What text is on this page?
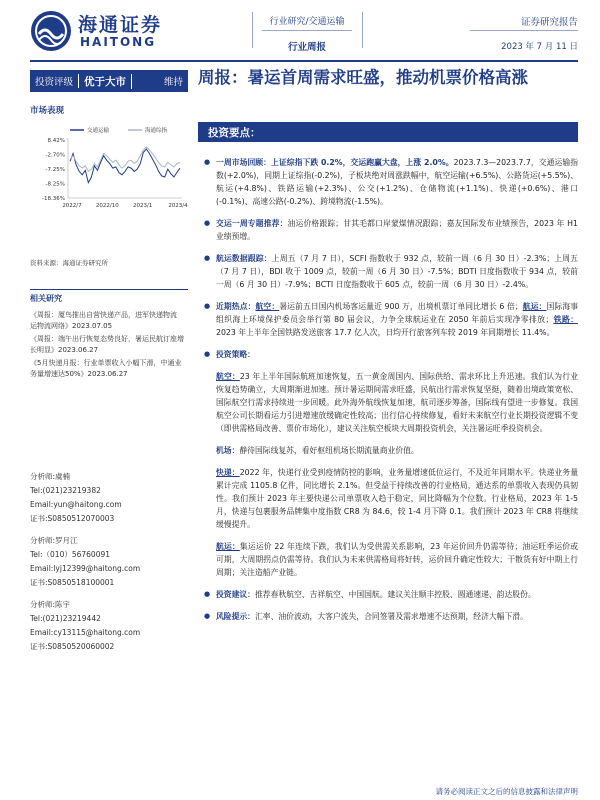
海通证券
HAITONG
行业研究/交通运输
行业周报
证券研究报告
2023 年 7 月 11 日
投资评级	优于大市	维持
市场表现
交通运输	海通综指
8.42%
-2.70%
-7.25%
-8.25%
-18.36%
2022/7	2022/10	2023/1	2023/4
资料来源：海通证券研究所
相关研究
《周报：厦鸟推出自营快递产品，进军快递物流
运物流网络》2023.07.05
《周报：端午出行恢复态势良好，暑运民航订座增长明显》2023.06.27
《5月快递月报：行业单票收入小幅下滑，中通业务量增速达50%》2023.06.27
分析师:虞楠
Tel:(021)23219382
Email:yun@haitong.com
证书:S0850512070003
分析师:罗月江
Tel:（010）56760091
Email:lyj12399@haitong.com
证书:S0850518100001
分析师:陈宇
Tel:(021)23219442
Email:cy13115@haitong.com
证书:S0850520060002
周报：暑运首周需求旺盛，推动机票价格高涨
投资要点：
● 一周市场回顾：上证综指下跌 0.2%，交运跑赢大盘，上涨 2.0%。2023.7.3—2023.7.7，交通运输指数(+2.0%)，同期上证综指(-0.2%)，子板块绝对周涨跌幅中，航空运输(+6.5%)、公路货运(+5.5%)、航运(+4.8%)、铁路运输(+2.3%)、公交(+1.2%)、仓储物流(+1.1%)、快递(+0.6%)、港口(-0.1%)、高速公路(-0.2%)、跨境物流(-1.5%)。
● 交运一周专题推荐：油运价格跟踪；甘其毛都口岸蒙煤情况跟踪；嘉友国际发布业绩预告，2023 年 H1 业绩预增。
● 航运数据跟踪：上周五（7 月 7 日），SCFI 指数收于 932 点，较前一周（6 月 30 日）-2.3%；上周五（7 月 7 日），BDI 收于 1009 点，较前一周（6 月 30 日）-7.5%；BDTI 日度指数收于 934 点，较前一周（6 月 30 日）-7.9%；BCTI 日度指数收于 605 点，较前一周（6 月 30 日）-2.4%。
● 近期热点：航空：暑运前五日国内机场客运量近 900 万，出境机票订单同比增长 6 倍；航运：国际海事组织海上环境保护委员会举行第 80 届会议，力争全球航运业在 2050 年前后实现净零排放；铁路：2023 年上半年全国铁路发送旅客 17.7 亿人次，日均开行旅客列车较 2019 年同期增长 11.4%。
● 投资策略：
航空：23 年上半年国际航班加速恢复，五一黄金周国内、国际供给、需求环比上升迅速。我们认为行业恢复趋势确立，大周期渐进加速。预计暑运期间需求旺盛，民航出行需求恢复坚挺，随着出境政策宽松、国际航空行需求持续进一步回暖。此外海外航线恢复加速，航司逐步筹备，国际线有望进一步修复。我国航空公司长期看运力引进增速放缓确定性较高；出行信心持续修复，看好未来航空行业长期投资逻辑不变（即供需格局改善、票价市场化），建议关注航空板块大周期投资机会，关注暑运旺季投资机会。
机场：静待国际线复苏，看好枢纽机场长期流量商业价值。
快递：2022 年，快递行业受到疫情防控的影响，业务量增速低位运行，不及近年同期水平。快递业务量累计完成 1105.8 亿件，同比增长 2.1%。但受益于持续改善的行业格局，通达系的单票收入表现仍具韧性。我们预计 2023 年主要快递公司单票收入趋于稳定，同比降幅为个位数。行业格局，2023 年 1-5 月，快递与包裹服务品牌集中度指数 CR8 为 84.6，较 1-4 月下降 0.1。我们预计 2023 年 CR8 将继续缓慢提升。
航运：集运运价 22 年连续下跌，我们认为受供需关系影响，23 年运价回升仍需等待；油运旺季运价或可期，大周期拐点仍需等待。我们认为未来供需格局将好转，运价回升确定性较大；干散货有好中期上行周期；关注造船产业链。
● 投资建议：推荐春秋航空、吉祥航空、中国国航。建议关注顺丰控股、圆通速递、韵达股份。
● 风险提示：汇率、油价波动，大客户流失，合同签署及需求增速不达预期，经济大幅下滑。
请务必阅读正文之后的信息披露和法律声明
